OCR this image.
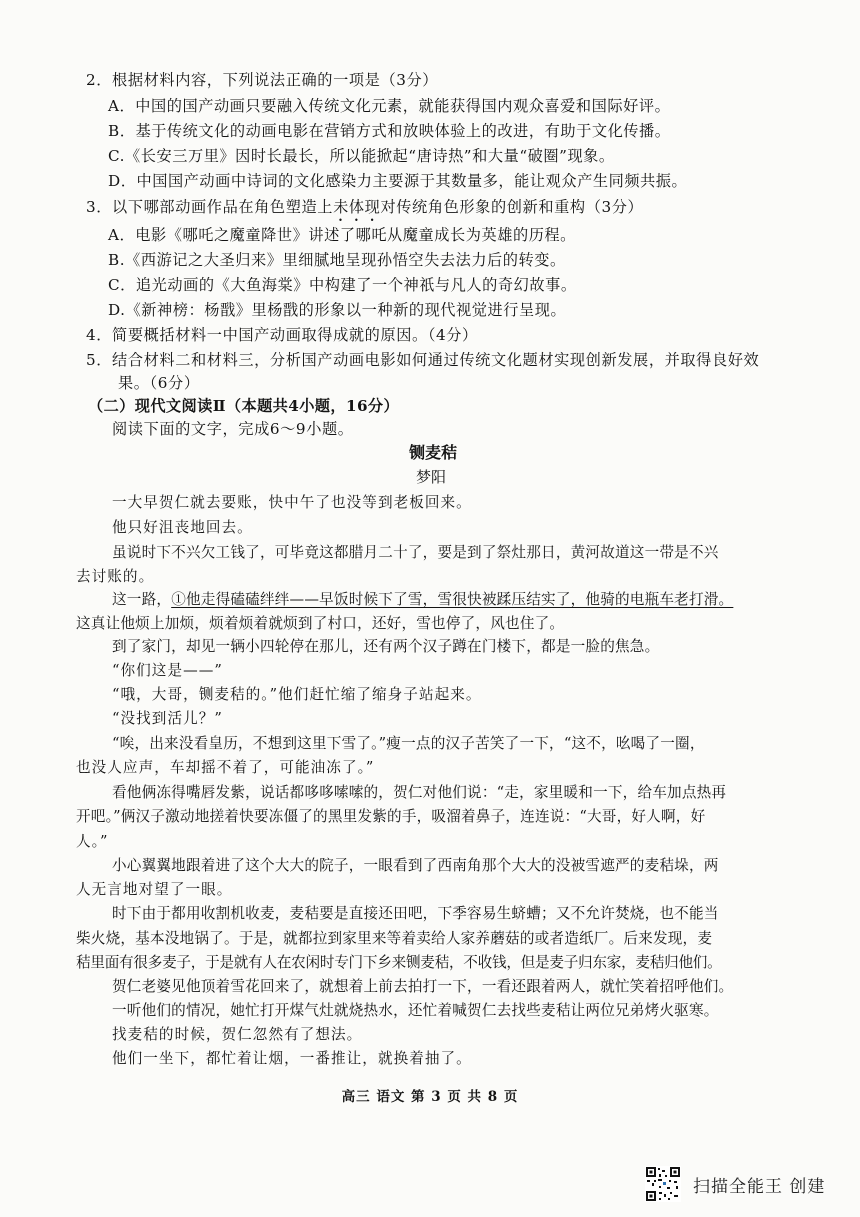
2．根据材料内容，下列说法正确的一项是（3分）
A．中国的国产动画只要融入传统文化元素，就能获得国内观众喜爱和国际好评。
B．基于传统文化的动画电影在营销方式和放映体验上的改进，有助于文化传播。
C.《长安三万里》因时长最长，所以能掀起“唐诗热”和大量“破圈”现象。
D．中国国产动画中诗词的文化感染力主要源于其数量多，能让观众产生同频共振。
3．以下哪部动画作品在角色塑造上未体现对传统角色形象的创新和重构（3分）
A．电影《哪吒之魔童降世》讲述了哪吒从魔童成长为英雄的历程。
B.《西游记之大圣归来》里细腻地呈现孙悟空失去法力后的转变。
C．追光动画的《大鱼海棠》中构建了一个神祇与凡人的奇幻故事。
D.《新神榜：杨戬》里杨戬的形象以一种新的现代视觉进行呈现。
4．简要概括材料一中国产动画取得成就的原因。（4分）
5．结合材料二和材料三，分析国产动画电影如何通过传统文化题材实现创新发展，并取得良好效
果。（6分）
（二）现代文阅读Ⅱ（本题共4小题，16分）
阅读下面的文字，完成6～9小题。
铡麦秸
梦阳
一大早贺仁就去要账，快中午了也没等到老板回来。
他只好沮丧地回去。
虽说时下不兴欠工钱了，可毕竟这都腊月二十了，要是到了祭灶那日，黄河故道这一带是不兴
去讨账的。
这一路，①他走得磕磕绊绊——早饭时候下了雪，雪很快被蹂压结实了，他骑的电瓶车老打滑。
这真让他烦上加烦，烦着烦着就烦到了村口，还好，雪也停了，风也住了。
到了家门，却见一辆小四轮停在那儿，还有两个汉子蹲在门楼下，都是一脸的焦急。
“你们这是——”
“哦，大哥，铡麦秸的。”他们赶忙缩了缩身子站起来。
“没找到活儿？”
“唉，出来没看皇历，不想到这里下雪了。”瘦一点的汉子苦笑了一下，“这不，吆喝了一圈，
也没人应声，车却摇不着了，可能油冻了。”
看他俩冻得嘴唇发紫，说话都哆哆嗦嗦的，贺仁对他们说：“走，家里暖和一下，给车加点热再
开吧。”俩汉子激动地搓着快要冻僵了的黑里发紫的手，吸溜着鼻子，连连说：“大哥，好人啊，好
人。”
小心翼翼地跟着进了这个大大的院子，一眼看到了西南角那个大大的没被雪遮严的麦秸垛，两
人无言地对望了一眼。
时下由于都用收割机收麦，麦秸要是直接还田吧，下季容易生蛴螬；又不允许焚烧，也不能当
柴火烧，基本没地锅了。于是，就都拉到家里来等着卖给人家养蘑菇的或者造纸厂。后来发现，麦
秸里面有很多麦子，于是就有人在农闲时专门下乡来铡麦秸，不收钱，但是麦子归东家，麦秸归他们。
贺仁老婆见他顶着雪花回来了，就想着上前去拍打一下，一看还跟着两人，就忙笑着招呼他们。
一听他们的情况，她忙打开煤气灶就烧热水，还忙着喊贺仁去找些麦秸让两位兄弟烤火驱寒。
找麦秸的时候，贺仁忽然有了想法。
他们一坐下，都忙着让烟，一番推让，就换着抽了。
高三 语文 第 3 页 共 8 页
扫描全能王 创建
